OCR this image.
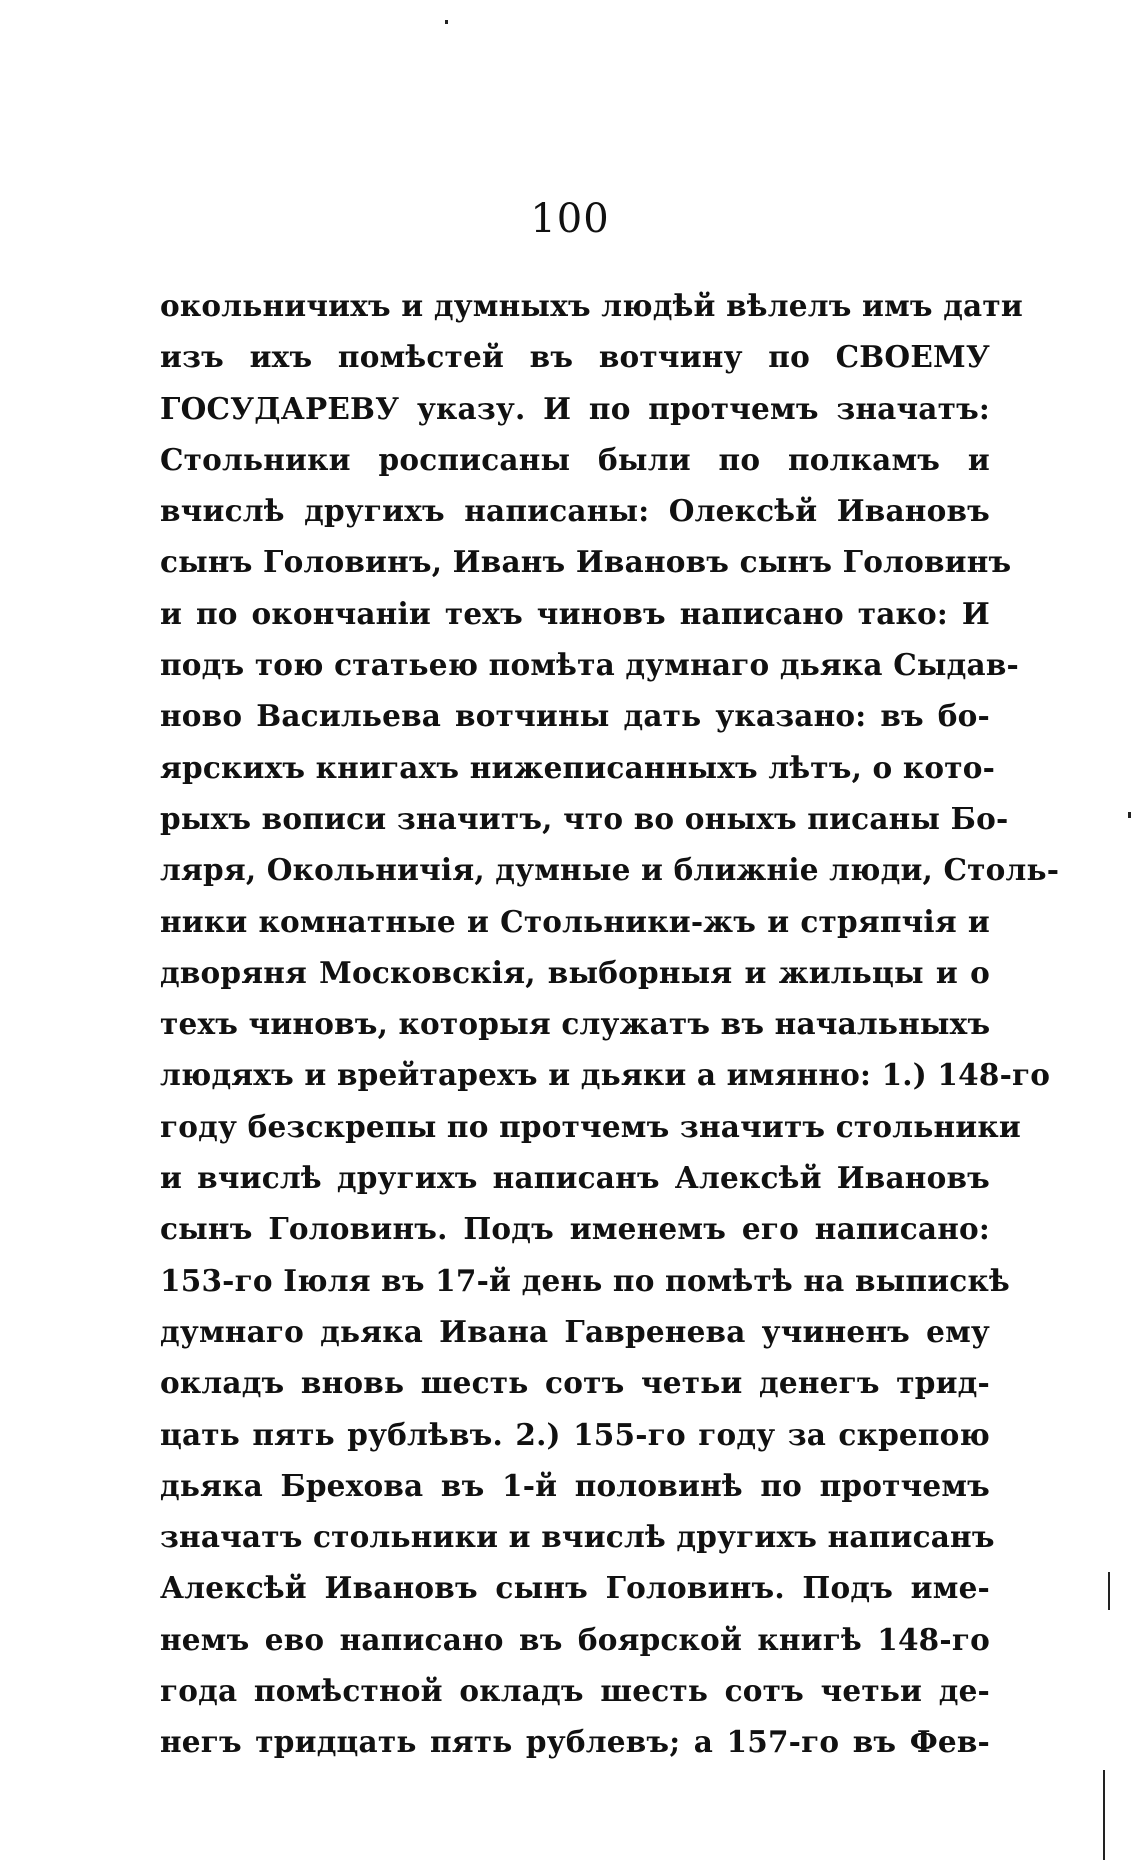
100
окольничихъ и думныхъ людѣй вѣлелъ имъ дати
изъ ихъ помѣстей въ вотчину по СВОЕМУ
ГОСУДАРЕВУ указу. И по протчемъ значатъ:
Стольники росписаны были по полкамъ и
вчислѣ другихъ написаны: Олексѣй Ивановъ
сынъ Головинъ, Иванъ Ивановъ сынъ Головинъ
и по окончаніи техъ чиновъ написано тако: И
подъ тою статьею помѣта думнаго дьяка Сыдав-
ново Васильева вотчины дать указано: въ бо-
ярскихъ книгахъ нижеписанныхъ лѣтъ, о кото-
рыхъ вописи значитъ, что во оныхъ писаны Бо-
ляря, Окольничія, думные и ближніе люди, Столь-
ники комнатные и Стольники-жъ и стряпчія и
дворяня Московскія, выборныя и жильцы и о
техъ чиновъ, которыя служатъ въ начальныхъ
людяхъ и врейтарехъ и дьяки а имянно: 1.) 148-го
году безскрепы по протчемъ значитъ стольники
и вчислѣ другихъ написанъ Алексѣй Ивановъ
сынъ Головинъ. Подъ именемъ его написано:
153-го Іюля въ 17-й день по помѣтѣ на выпискѣ
думнаго дьяка Ивана Гавренева учиненъ ему
окладъ вновь шесть сотъ четьи денегъ трид-
цать пять рублѣвъ. 2.) 155-го году за скрепою
дьяка Брехова въ 1-й половинѣ по протчемъ
значатъ стольники и вчислѣ другихъ написанъ
Алексѣй Ивановъ сынъ Головинъ. Подъ име-
немъ ево написано въ боярской книгѣ 148-го
года помѣстной окладъ шесть сотъ четьи де-
негъ тридцать пять рублевъ; а 157-го въ Фев-
